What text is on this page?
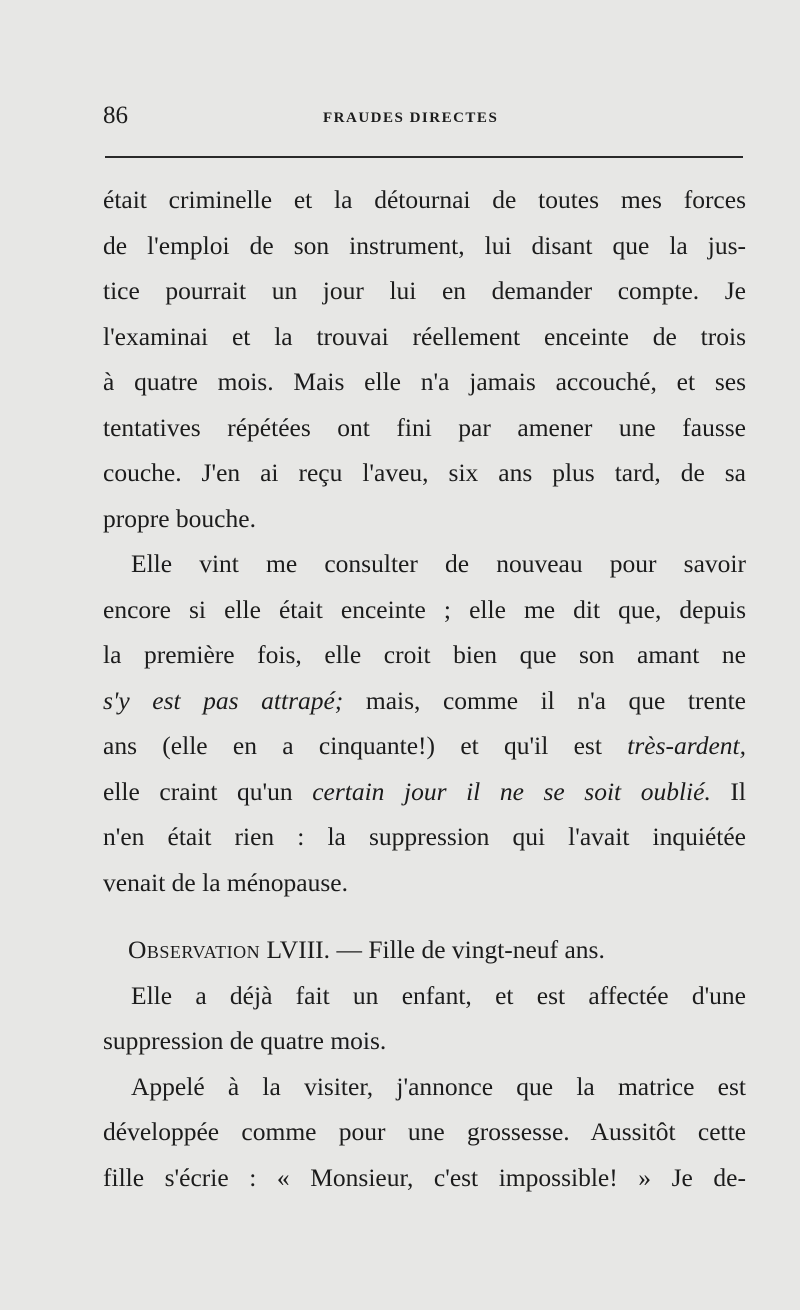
86	FRAUDES DIRECTES
était criminelle et la détournai de toutes mes forces
de l'emploi de son instrument, lui disant que la jus-
tice pourrait un jour lui en demander compte. Je
l'examinai et la trouvai réellement enceinte de trois
à quatre mois. Mais elle n'a jamais accouché, et ses
tentatives répétées ont fini par amener une fausse
couche. J'en ai reçu l'aveu, six ans plus tard, de sa
propre bouche.
Elle vint me consulter de nouveau pour savoir
encore si elle était enceinte ; elle me dit que, depuis
la première fois, elle croit bien que son amant ne
s'y est pas attrapé; mais, comme il n'a que trente
ans (elle en a cinquante!) et qu'il est très-ardent,
elle craint qu'un certain jour il ne se soit oublié. Il
n'en était rien : la suppression qui l'avait inquiétée
venait de la ménopause.
Observation LVIII. — Fille de vingt-neuf ans.
Elle a déjà fait un enfant, et est affectée d'une
suppression de quatre mois.
Appelé à la visiter, j'annonce que la matrice est
développée comme pour une grossesse. Aussitôt cette
fille s'écrie : « Monsieur, c'est impossible! » Je de-
